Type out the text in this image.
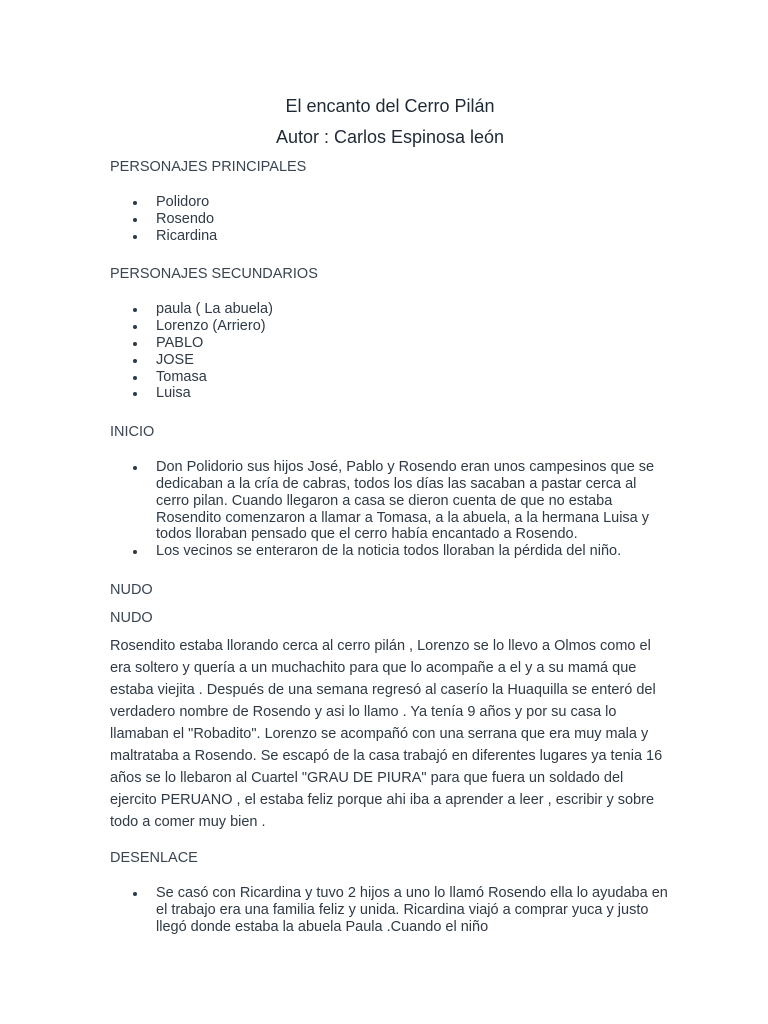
El encanto del Cerro Pilán
Autor : Carlos Espinosa león

PERSONAJES PRINCIPALES

Polidoro
Rosendo
Ricardina

PERSONAJES SECUNDARIOS

paula ( La abuela)
Lorenzo (Arriero)
PABLO
JOSE
Tomasa
Luisa

INICIO

Don Polidorio sus hijos José, Pablo y Rosendo eran unos campesinos que se dedicaban a la cría de cabras, todos los días las sacaban a pastar cerca al cerro pilan. Cuando llegaron a casa se dieron cuenta de que no estaba Rosendito comenzaron a llamar a Tomasa, a la abuela, a la hermana Luisa y todos lloraban pensado que el cerro había encantado a Rosendo.
Los vecinos se enteraron de la noticia todos lloraban la pérdida del niño.

NUDO

NUDO

Rosendito estaba llorando cerca al cerro pilán , Lorenzo se lo llevo a Olmos como el era soltero y quería a un muchachito para que lo acompañe a el y a su mamá que estaba viejita . Después de una semana regresó al caserío la Huaquilla se enteró del verdadero nombre de Rosendo y asi lo llamo . Ya tenía 9 años y por su casa lo llamaban el "Robadito". Lorenzo se acompañó con una serrana que era muy mala y maltrataba a Rosendo. Se escapó de la casa trabajó en diferentes lugares ya tenia 16 años se lo llebaron al Cuartel "GRAU DE PIURA" para que fuera un soldado del ejercito PERUANO , el estaba feliz porque ahi iba a aprender a leer , escribir y sobre todo a comer muy bien .

DESENLACE

Se casó con Ricardina y tuvo 2 hijos a uno lo llamó Rosendo ella lo ayudaba en el trabajo era una familia feliz y unida. Ricardina viajó a comprar yuca y justo llegó donde estaba la abuela Paula .Cuando el niño
